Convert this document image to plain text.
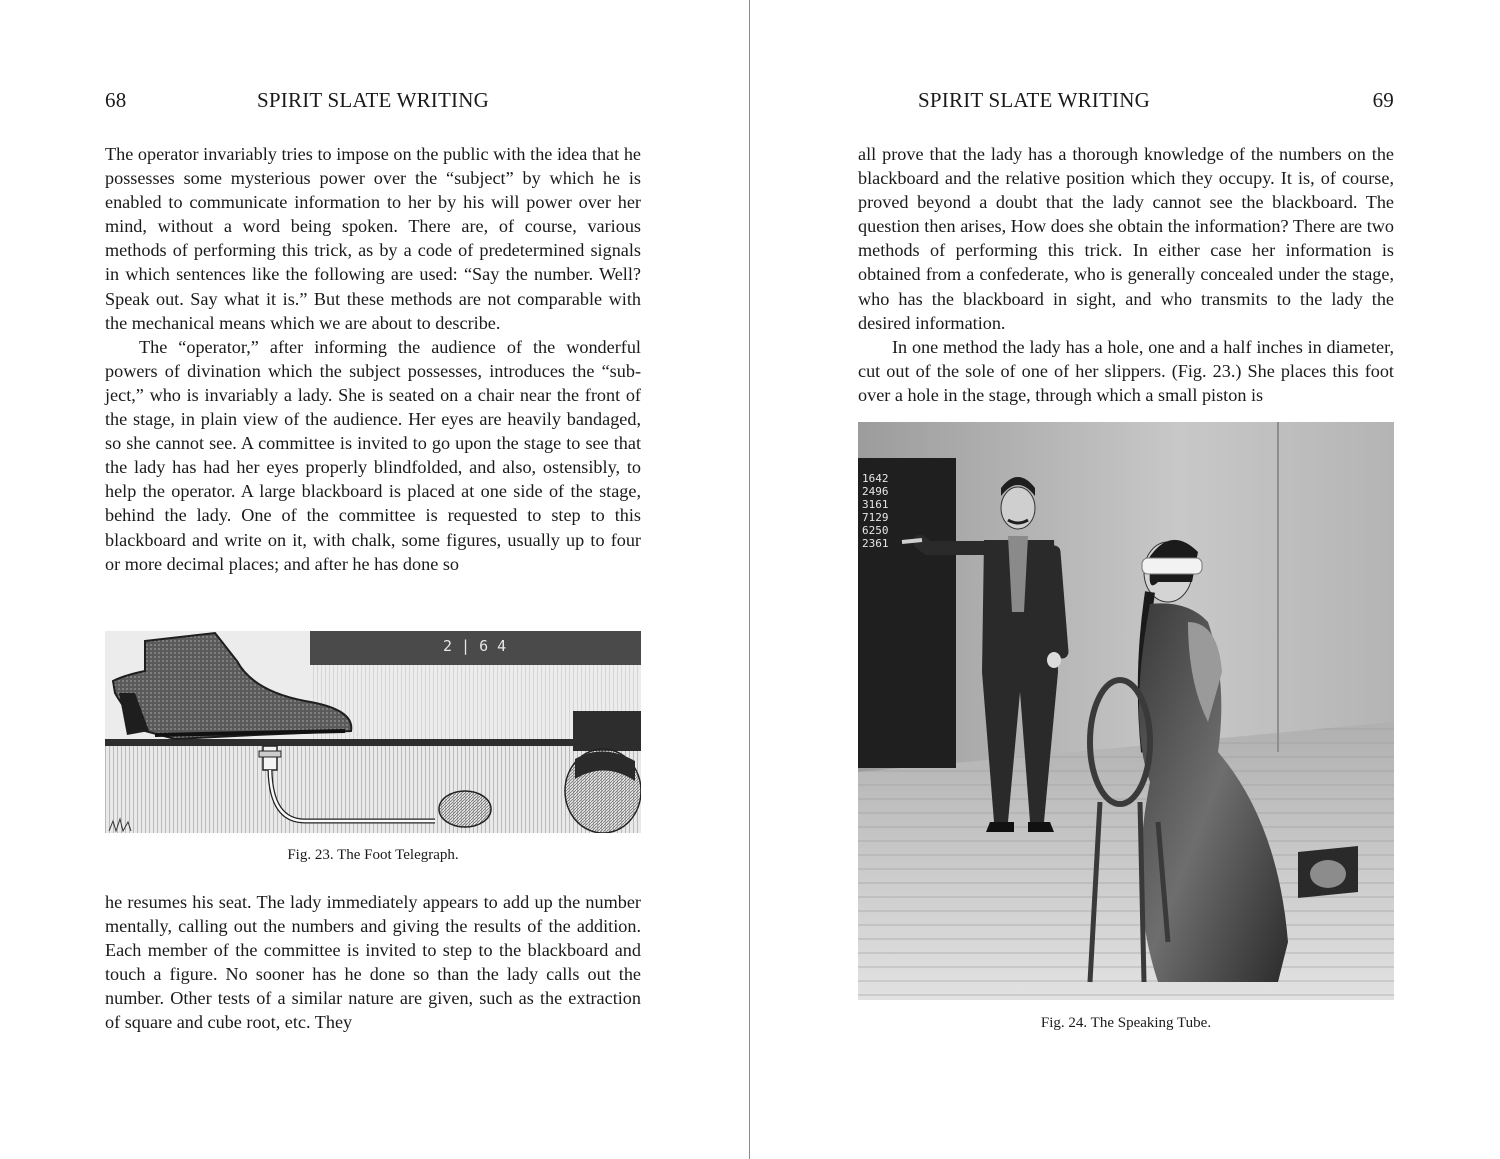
68	SPIRIT SLATE WRITING

The operator invariably tries to impose on the public with the idea that he possesses some mysterious power over the “subject” by which he is enabled to communicate information to her by his will power over her mind, without a word being spoken. There are, of course, various methods of performing this trick, as by a code of predetermined signals in which sentences like the following are used: “Say the number. Well? Speak out. Say what it is.” But these methods are not comparable with the mechanical means which we are about to describe.

The “operator,” after informing the audience of the wonderful powers of divination which the subject possesses, introduces the “subject,” who is invariably a lady. She is seated on a chair near the front of the stage, in plain view of the audience. Her eyes are heavily bandaged, so she cannot see. A committee is invited to go upon the stage to see that the lady has had her eyes properly blindfolded, and also, ostensibly, to help the operator. A large blackboard is placed at one side of the stage, behind the lady. One of the committee is requested to step to this blackboard and write on it, with chalk, some figures, usually up to four or more decimal places; and after he has done so

2 | 6 4
Fig. 23. The Foot Telegraph.

he resumes his seat. The lady immediately appears to add up the number mentally, calling out the numbers and giving the results of the addition. Each member of the committee is invited to step to the blackboard and touch a figure. No sooner has he done so than the lady calls out the number. Other tests of a similar nature are given, such as the extraction of square and cube root, etc. They

SPIRIT SLATE WRITING	69

all prove that the lady has a thorough knowledge of the numbers on the blackboard and the relative position which they occupy. It is, of course, proved beyond a doubt that the lady cannot see the blackboard. The question then arises, How does she obtain the information? There are two methods of performing this trick. In either case her information is obtained from a confederate, who is generally concealed under the stage, who has the blackboard in sight, and who transmits to the lady the desired information.

In one method the lady has a hole, one and a half inches in diameter, cut out of the sole of one of her slippers. (Fig. 23.) She places this foot over a hole in the stage, through which a small piston is

1642
2496
3161
7129
6250
2361
Fig. 24. The Speaking Tube.
